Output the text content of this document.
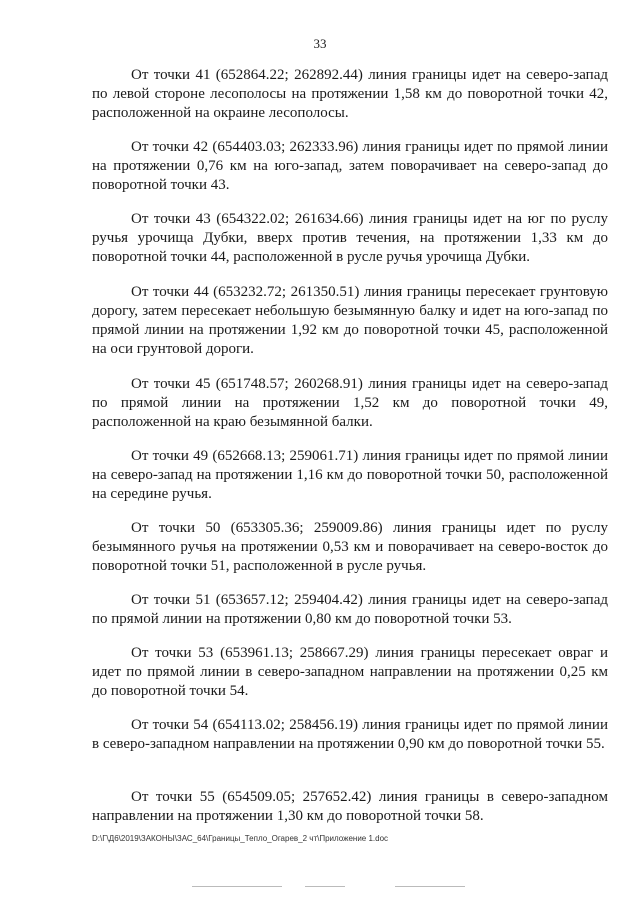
33

От точки 41 (652864.22; 262892.44) линия границы идет на северо-запад по левой стороне лесополосы на протяжении 1,58 км до поворотной точки 42, расположенной на окраине лесополосы.

От точки 42 (654403.03; 262333.96) линия границы идет по прямой линии на протяжении 0,76 км на юго-запад, затем поворачивает на северо-запад до поворотной точки 43.

От точки 43 (654322.02; 261634.66) линия границы идет на юг по руслу ручья урочища Дубки, вверх против течения, на протяжении 1,33 км до поворотной точки 44, расположенной в русле ручья урочища Дубки.

От точки 44 (653232.72; 261350.51) линия границы пересекает грунтовую дорогу, затем пересекает небольшую безымянную балку и идет на юго-запад по прямой линии на протяжении 1,92 км до поворотной точки 45, расположенной на оси грунтовой дороги.

От точки 45 (651748.57; 260268.91) линия границы идет на северо-запад по прямой линии на протяжении 1,52 км до поворотной точки 49, расположенной на краю безымянной балки.

От точки 49 (652668.13; 259061.71) линия границы идет по прямой линии на северо-запад на протяжении 1,16 км до поворотной точки 50, расположенной на середине ручья.

От точки 50 (653305.36; 259009.86) линия границы идет по руслу безымянного ручья на протяжении 0,53 км и поворачивает на северо-восток до поворотной точки 51, расположенной в русле ручья.

От точки 51 (653657.12; 259404.42) линия границы идет на северо-запад по прямой линии на протяжении 0,80 км до поворотной точки 53.

От точки 53 (653961.13; 258667.29) линия границы пересекает овраг и идет по прямой линии в северо-западном направлении на протяжении 0,25 км до поворотной точки 54.

От точки 54 (654113.02; 258456.19) линия границы идет по прямой линии в северо-западном направлении на протяжении 0,90 км до поворотной точки 55.

От точки 55 (654509.05; 257652.42) линия границы в северо-западном направлении на протяжении 1,30 км до поворотной точки 58.

D:\Г\Д6\2019\ЗАКОНЫ\ЗАС_64\Границы_Тепло_Огарев_2 чт\Приложение 1.doc
